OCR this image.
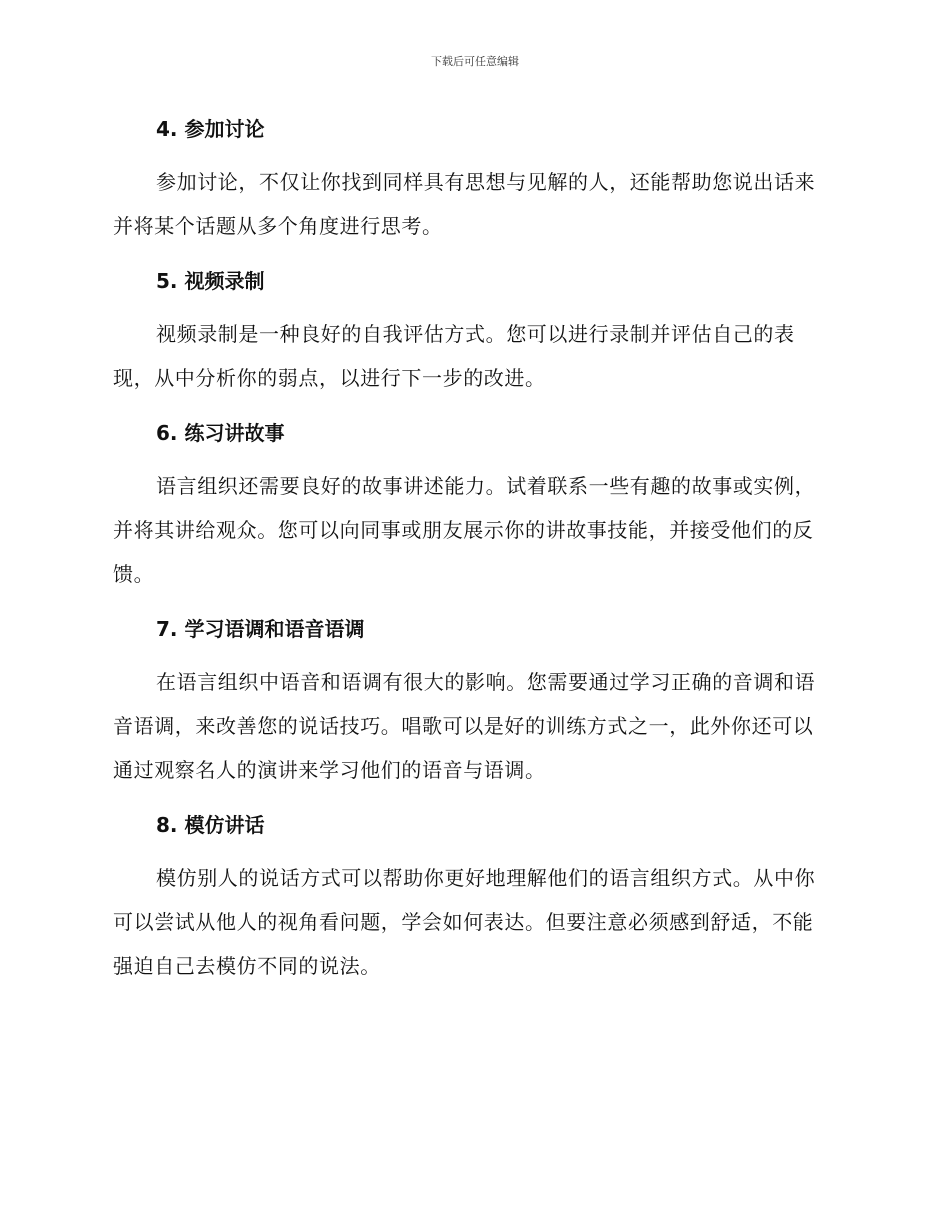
下载后可任意编辑
4. 参加讨论

参加讨论，不仅让你找到同样具有思想与见解的人，还能帮助您说出话来并将某个话题从多个角度进行思考。

5. 视频录制

视频录制是一种良好的自我评估方式。您可以进行录制并评估自己的表现，从中分析你的弱点，以进行下一步的改进。

6. 练习讲故事

语言组织还需要良好的故事讲述能力。试着联系一些有趣的故事或实例，并将其讲给观众。您可以向同事或朋友展示你的讲故事技能，并接受他们的反馈。

7. 学习语调和语音语调

在语言组织中语音和语调有很大的影响。您需要通过学习正确的音调和语音语调，来改善您的说话技巧。唱歌可以是好的训练方式之一，此外你还可以通过观察名人的演讲来学习他们的语音与语调。

8. 模仿讲话

模仿别人的说话方式可以帮助你更好地理解他们的语言组织方式。从中你可以尝试从他人的视角看问题，学会如何表达。但要注意必须感到舒适，不能强迫自己去模仿不同的说法。
